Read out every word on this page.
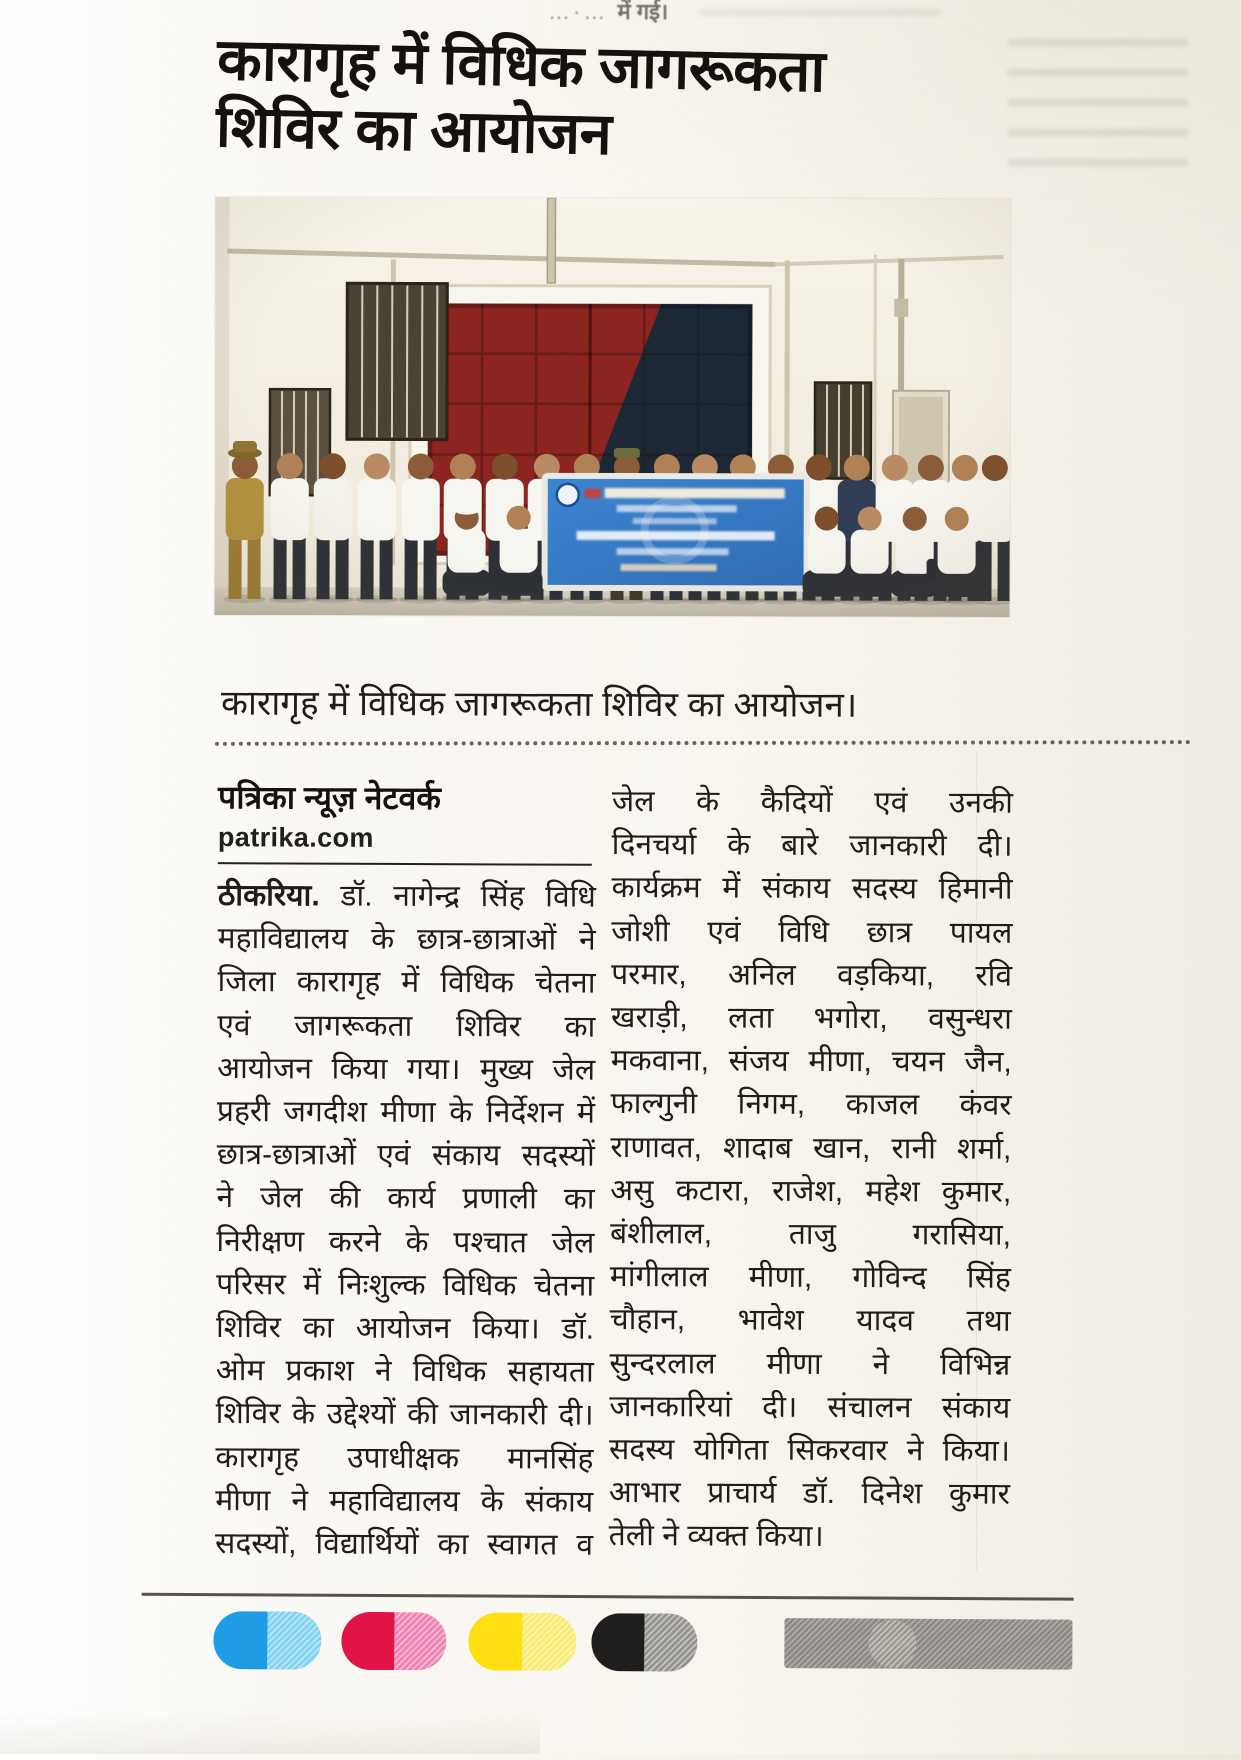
…·… में गई।
कारागृह में विधिक जागरूकता
शिविर का आयोजन
कारागृह में विधिक जागरूकता शिविर का आयोजन।
पत्रिका न्यूज़ नेटवर्क
patrika.com
ठीकरिया. डॉ. नागेन्द्र सिंह विधि
महाविद्यालय के छात्र-छात्राओं ने
जिला कारागृह में विधिक चेतना
एवं जागरूकता शिविर का
आयोजन किया गया। मुख्य जेल
प्रहरी जगदीश मीणा के निर्देशन में
छात्र-छात्राओं एवं संकाय सदस्यों
ने जेल की कार्य प्रणाली का
निरीक्षण करने के पश्चात जेल
परिसर में निःशुल्क विधिक चेतना
शिविर का आयोजन किया। डॉ.
ओम प्रकाश ने विधिक सहायता
शिविर के उद्देश्यों की जानकारी दी।
कारागृह उपाधीक्षक मानसिंह
मीणा ने महाविद्यालय के संकाय
सदस्यों, विद्यार्थियों का स्वागत व
जेल के कैदियों एवं उनकी
दिनचर्या के बारे जानकारी दी।
कार्यक्रम में संकाय सदस्य हिमानी
जोशी एवं विधि छात्र पायल
परमार, अनिल वड़किया, रवि
खराड़ी, लता भगोरा, वसुन्धरा
मकवाना, संजय मीणा, चयन जैन,
फाल्गुनी निगम, काजल कंवर
राणावत, शादाब खान, रानी शर्मा,
असु कटारा, राजेश, महेश कुमार,
बंशीलाल, ताजु गरासिया,
मांगीलाल मीणा, गोविन्द सिंह
चौहान, भावेश यादव तथा
सुन्दरलाल मीणा ने विभिन्न
जानकारियां दी। संचालन संकाय
सदस्य योगिता सिकरवार ने किया।
आभार प्राचार्य डॉ. दिनेश कुमार
तेली ने व्यक्त किया।
